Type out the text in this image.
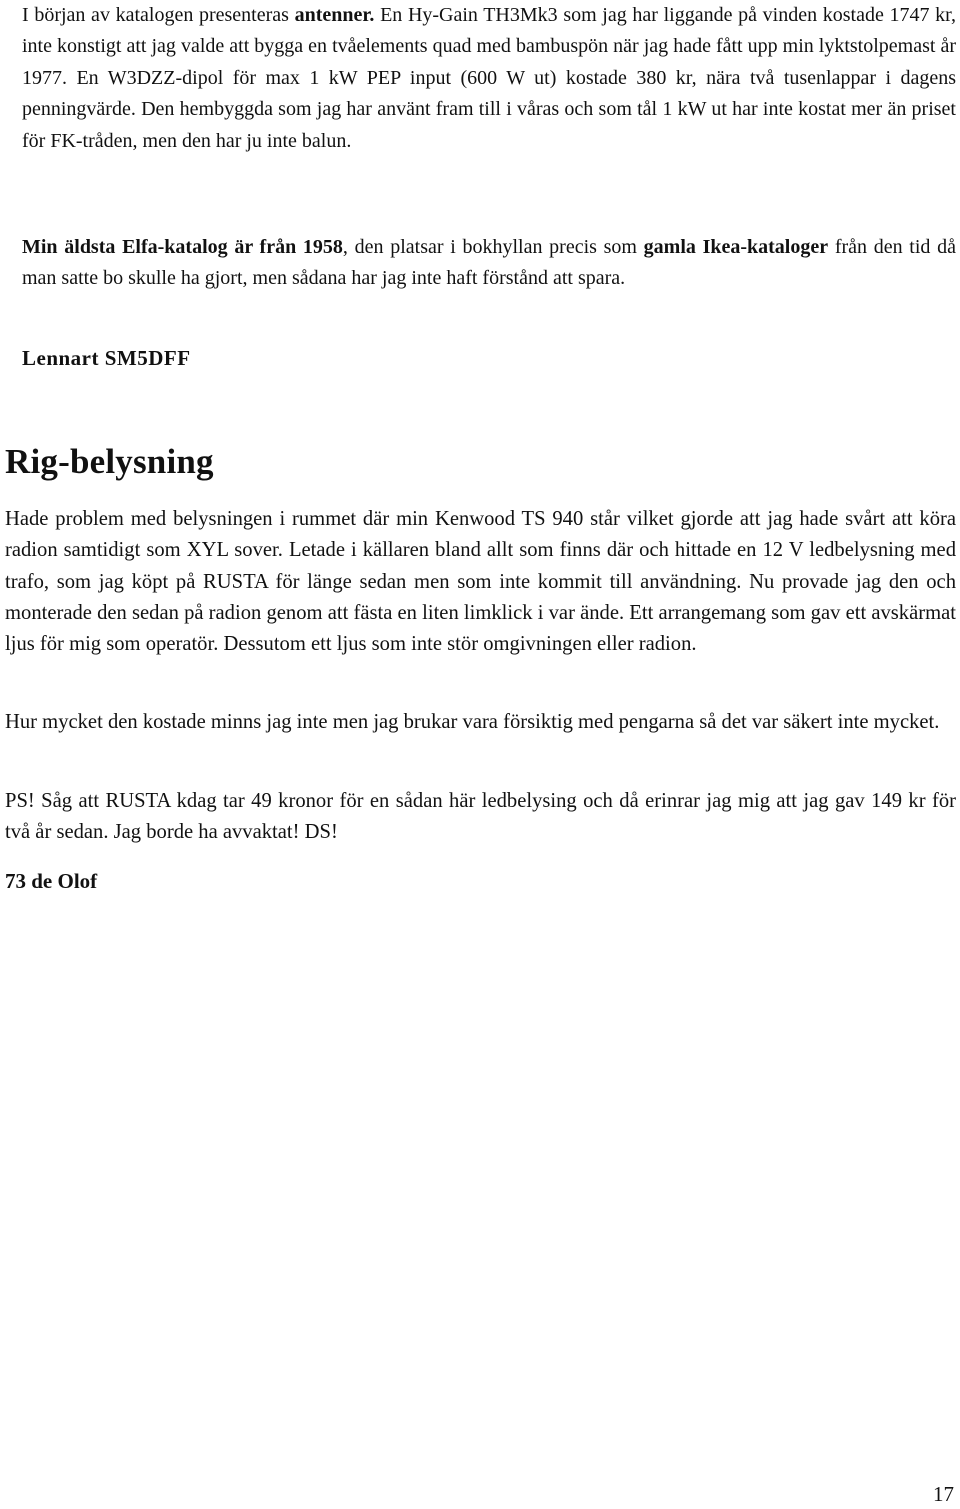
I början av katalogen presenteras antenner. En Hy-Gain TH3Mk3 som jag har liggande på vinden kostade 1747 kr, inte konstigt att jag valde att bygga en tvåelements quad med bambuspön när jag hade fått upp min lyktstolpemast år 1977. En W3DZZ-dipol för max 1 kW PEP input (600 W ut) kostade 380 kr, nära två tusenlappar i dagens penningvärde. Den hembyggda som jag har använt fram till i våras och som tål 1 kW ut har inte kostat mer än priset för FK-tråden, men den har ju inte balun.

Min äldsta Elfa-katalog är från 1958, den platsar i bokhyllan precis som gamla Ikea-kataloger från den tid då man satte bo skulle ha gjort, men sådana har jag inte haft förstånd att spara.

Lennart SM5DFF

Rig-belysning

Hade problem med belysningen i rummet där min Kenwood TS 940 står vilket gjorde att jag hade svårt att köra radion samtidigt som XYL sover. Letade i källaren bland allt som finns där och hittade en 12 V ledbelysning med trafo, som jag köpt på RUSTA för länge sedan men som inte kommit till användning. Nu provade jag den och monterade den sedan på radion genom att fästa en liten limklick i var ände. Ett arrangemang som gav ett avskärmat ljus för mig som operatör. Dessutom ett ljus som inte stör omgivningen eller radion.

Hur mycket den kostade minns jag inte men jag brukar vara försiktig med pengarna så det var säkert inte mycket.

PS! Såg att RUSTA kdag tar 49 kronor för en sådan här ledbelysing och då erinrar jag mig att jag gav 149 kr för två år sedan. Jag borde ha avvaktat! DS!

73 de Olof

17
